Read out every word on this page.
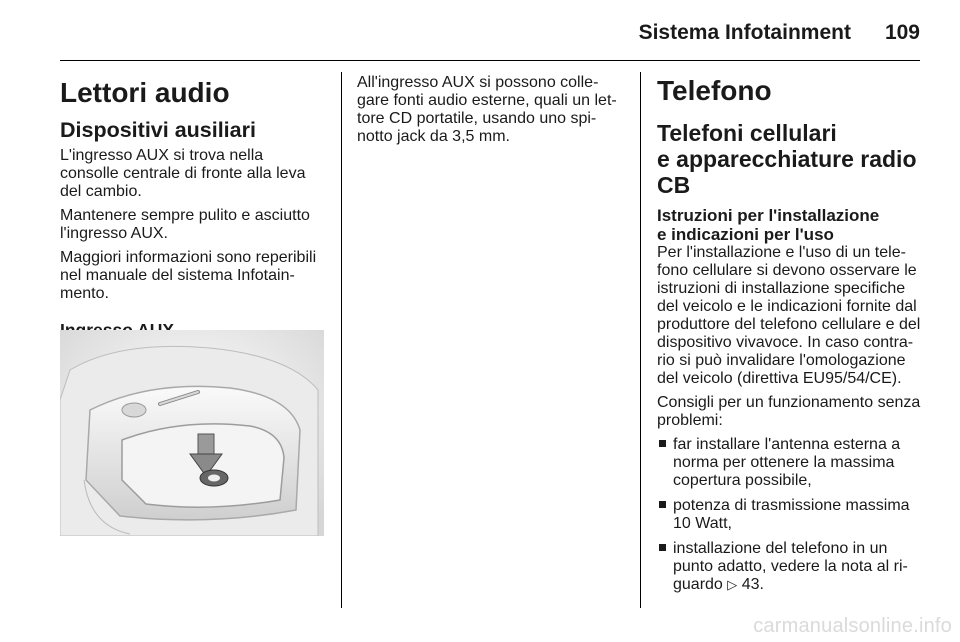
Sistema Infotainment 109
Lettori audio
Dispositivi ausiliari

L'ingresso AUX si trova nella consolle centrale di fronte alla leva del cambio.

Mantenere sempre pulito e asciutto l'ingresso AUX.

Maggiori informazioni sono reperibili nel manuale del sistema Infotainmento.

All'ingresso AUX si possono collegare fonti audio esterne, quali un lettore CD portatile, usando uno spinotto jack da 3,5 mm.

Telefono
Telefoni cellulari
e apparecchiature radio CB
Istruzioni per l'installazione
e indicazioni per l'uso

Per l'installazione e l'uso di un telefono cellulare si devono osservare le istruzioni di installazione specifiche del veicolo e le indicazioni fornite dal produttore del telefono cellulare e del dispositivo vivavoce. In caso contrario si può invalidare l'omologazione del veicolo (direttiva EU95/54/CE).

Consigli per un funzionamento senza problemi:

far installare l'antenna esterna a norma per ottenere la massima copertura possibile,
potenza di trasmissione massima 10 Watt,
installazione del telefono in un punto adatto, vedere la nota al riguardo ▷ 43.
carmanualsonline.info
